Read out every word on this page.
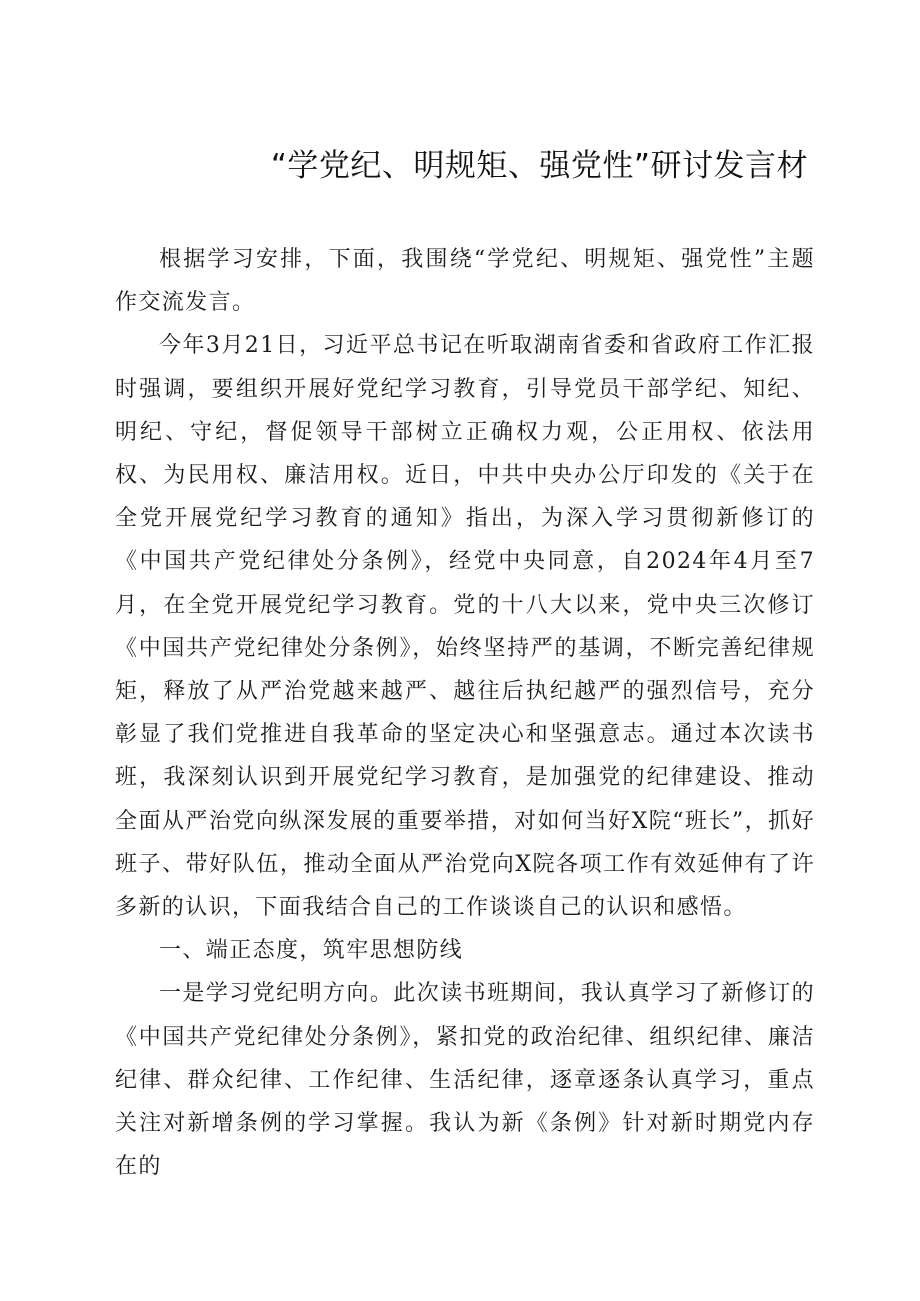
“学党纪、明规矩、强党性”研讨发言材

根据学习安排，下面，我围绕“学党纪、明规矩、强党性”主题作交流发言。

今年3月21日，习近平总书记在听取湖南省委和省政府工作汇报时强调，要组织开展好党纪学习教育，引导党员干部学纪、知纪、明纪、守纪，督促领导干部树立正确权力观，公正用权、依法用权、为民用权、廉洁用权。近日，中共中央办公厅印发的《关于在全党开展党纪学习教育的通知》指出，为深入学习贯彻新修订的《中国共产党纪律处分条例》，经党中央同意，自2024年4月至7月，在全党开展党纪学习教育。党的十八大以来，党中央三次修订《中国共产党纪律处分条例》，始终坚持严的基调，不断完善纪律规矩，释放了从严治党越来越严、越往后执纪越严的强烈信号，充分彰显了我们党推进自我革命的坚定决心和坚强意志。通过本次读书班，我深刻认识到开展党纪学习教育，是加强党的纪律建设、推动全面从严治党向纵深发展的重要举措，对如何当好X院“班长”，抓好班子、带好队伍，推动全面从严治党向X院各项工作有效延伸有了许多新的认识，下面我结合自己的工作谈谈自己的认识和感悟。

一、端正态度，筑牢思想防线

一是学习党纪明方向。此次读书班期间，我认真学习了新修订的《中国共产党纪律处分条例》，紧扣党的政治纪律、组织纪律、廉洁纪律、群众纪律、工作纪律、生活纪律，逐章逐条认真学习，重点关注对新增条例的学习掌握。我认为新《条例》针对新时期党内存在的
